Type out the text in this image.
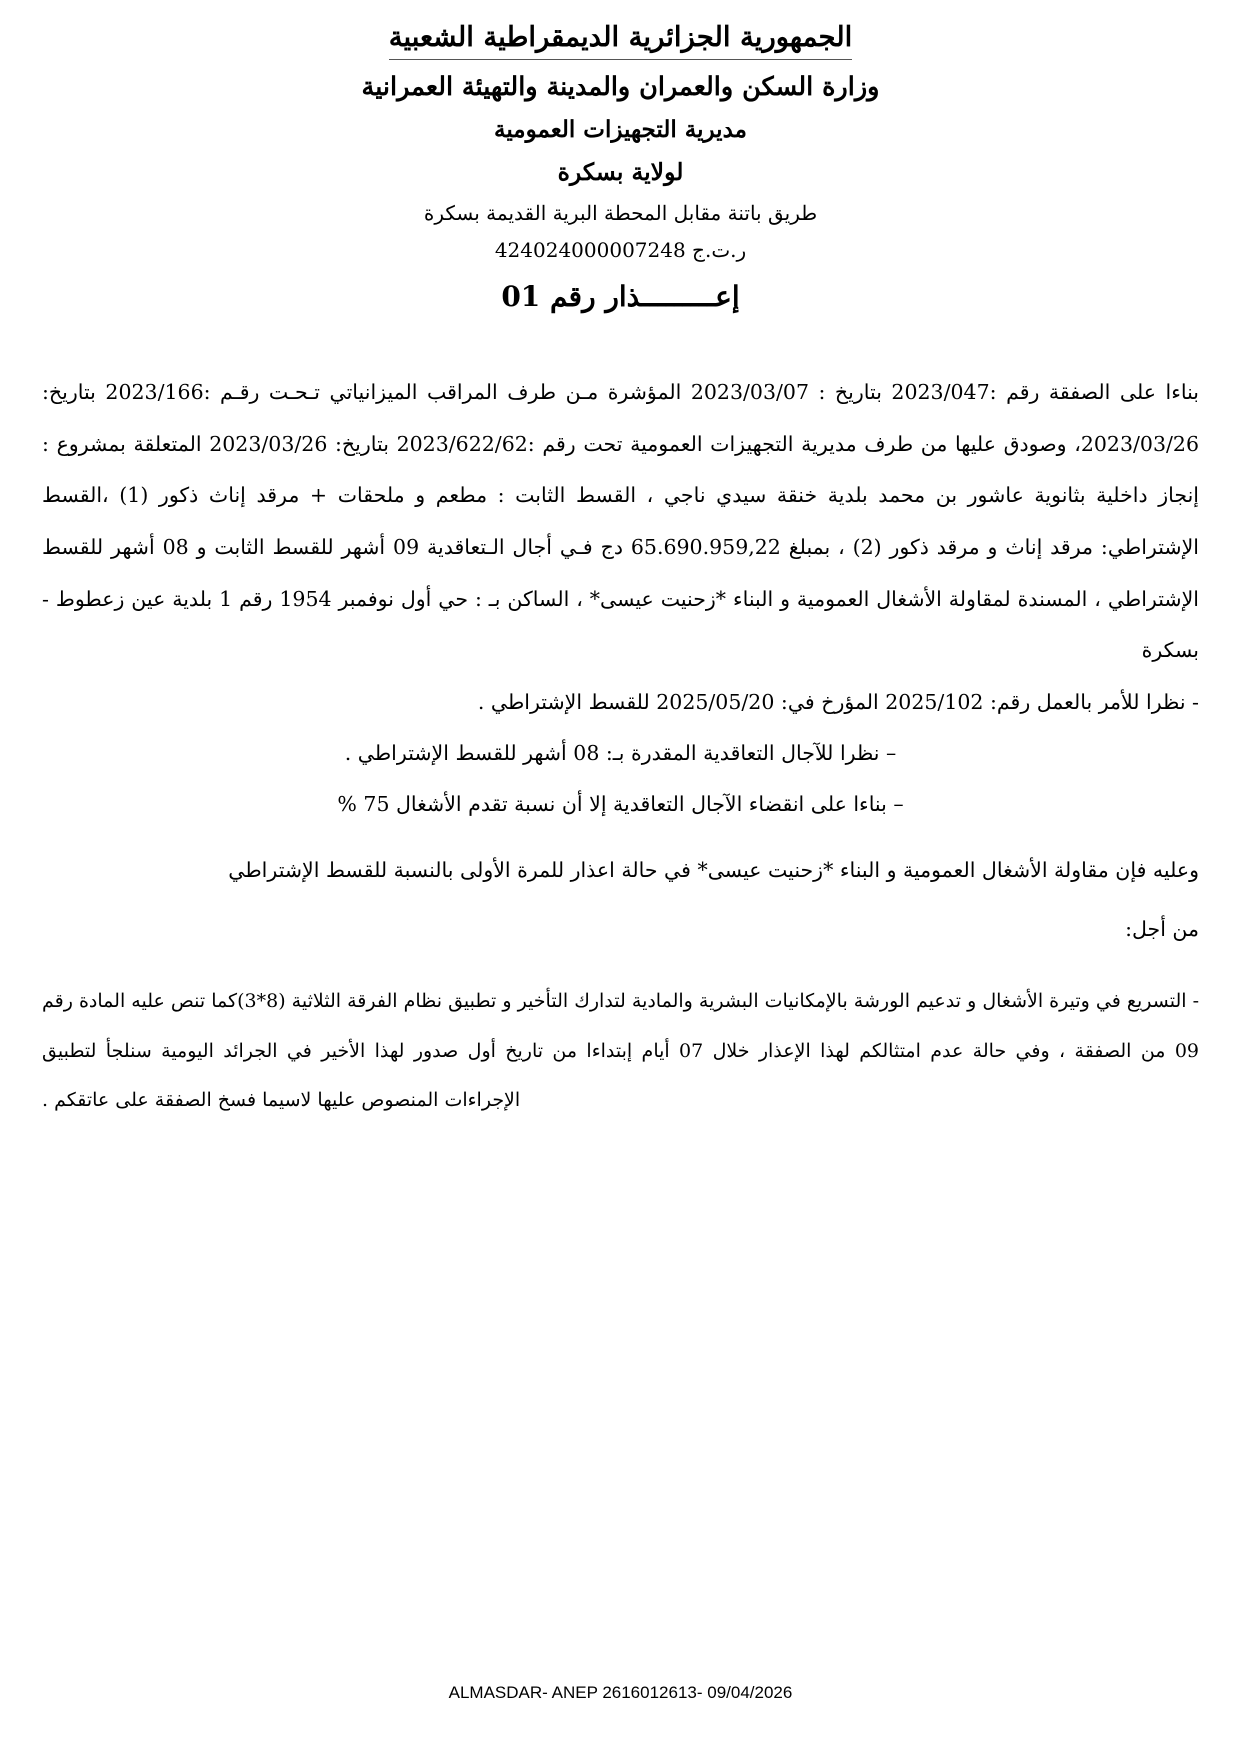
الجمهورية الجزائرية الديمقراطية الشعبية
وزارة السكن والعمران والمدينة والتهيئة العمرانية
مديرية التجهيزات العمومية
لولاية بسكرة
طريق باتنة مقابل المحطة البرية القديمة بسكرة
ر.ت.ج 424024000007248
إعـــــــــذار رقم 01

بناءا على الصفقة رقم :2023/047 بتاريخ : 2023/03/07 المؤشرة مـن طرف المراقب الميزانياتي تـحـت رقـم :2023/166 بتاريخ: 2023/03/26، وصودق عليها من طرف مديرية التجهيزات العمومية تحت رقم :2023/622/62 بتاريخ: 2023/03/26 المتعلقة بمشروع : إنجاز داخلية بثانوية عاشور بن محمد بلدية خنقة سيدي ناجي ، القسط الثابت : مطعم و ملحقات + مرقد إناث ذكور (1) ،القسط الإشتراطي: مرقد إناث و مرقد ذكور (2) ، بمبلغ 65.690.959,22 دج فـي أجال الـتعاقدية 09 أشهر للقسط الثابت و 08 أشهر للقسط الإشتراطي ، المسندة لمقاولة الأشغال العمومية و البناء *زحنيت عيسى* ، الساكن بـ : حي أول نوفمبر 1954 رقم 1 بلدية عين زعطوط - بسكرة

- نظرا للأمر بالعمل رقم: 2025/102 المؤرخ في: 2025/05/20 للقسط الإشتراطي .
– نظرا للآجال التعاقدية المقدرة بـ: 08 أشهر للقسط الإشتراطي .
– بناءا على انقضاء الآجال التعاقدية إلا أن نسبة تقدم الأشغال 75 %
وعليه فإن مقاولة الأشغال العمومية و البناء *زحنيت عيسى* في حالة اعذار للمرة الأولى بالنسبة للقسط الإشتراطي
من أجل:
- التسريع في وتيرة الأشغال و تدعيم الورشة بالإمكانيات البشرية والمادية لتدارك التأخير و تطبيق نظام الفرقة الثلاثية (8*3)كما تنص عليه المادة رقم 09 من الصفقة ، وفي حالة عدم امتثالكم لهذا الإعذار خلال 07 أيام إبتداءا من تاريخ أول صدور لهذا الأخير في الجرائد اليومية سنلجأ لتطبيق الإجراءات المنصوص عليها لاسيما فسخ الصفقة على عاتقكم .
ALMASDAR- ANEP 2616012613- 09/04/2026
